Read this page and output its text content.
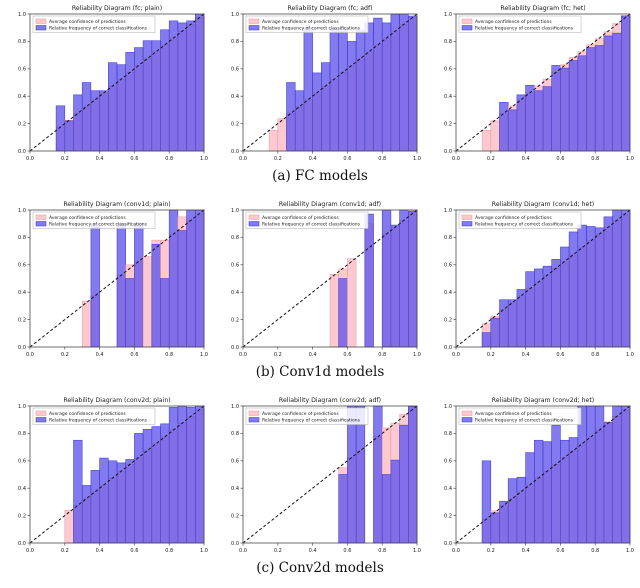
0.0
0.0
0.2
0.2
0.4
0.4
0.6
0.6
0.8
0.8
1.0
1.0
Reliability Diagram (fc; plain)
Average confidence of predictions
Relative frequency of correct classifications
0.0
0.0
0.2
0.2
0.4
0.4
0.6
0.6
0.8
0.8
1.0
1.0
Reliability Diagram (fc; adf)
Average confidence of predictions
Relative frequency of correct classifications
0.0
0.0
0.2
0.2
0.4
0.4
0.6
0.6
0.8
0.8
1.0
1.0
Reliability Diagram (fc; het)
Average confidence of predictions
Relative frequency of correct classifications
(a) FC models
0.0
0.0
0.2
0.2
0.4
0.4
0.6
0.6
0.8
0.8
1.0
1.0
Reliability Diagram (conv1d; plain)
Average confidence of predictions
Relative frequency of correct classifications
0.0
0.0
0.2
0.2
0.4
0.4
0.6
0.6
0.8
0.8
1.0
1.0
Reliability Diagram (conv1d; adf)
Average confidence of predictions
Relative frequency of correct classifications
0.0
0.0
0.2
0.2
0.4
0.4
0.6
0.6
0.8
0.8
1.0
1.0
Reliability Diagram (conv1d; het)
Average confidence of predictions
Relative frequency of correct classifications
(b) Conv1d models
0.0
0.0
0.2
0.2
0.4
0.4
0.6
0.6
0.8
0.8
1.0
1.0
Reliability Diagram (conv2d; plain)
Average confidence of predictions
Relative frequency of correct classifications
0.0
0.0
0.2
0.2
0.4
0.4
0.6
0.6
0.8
0.8
1.0
1.0
Reliability Diagram (conv2d; adf)
Average confidence of predictions
Relative frequency of correct classifications
0.0
0.0
0.2
0.2
0.4
0.4
0.6
0.6
0.8
0.8
1.0
1.0
Reliability Diagram (conv2d; het)
Average confidence of predictions
Relative frequency of correct classifications
(c) Conv2d models
